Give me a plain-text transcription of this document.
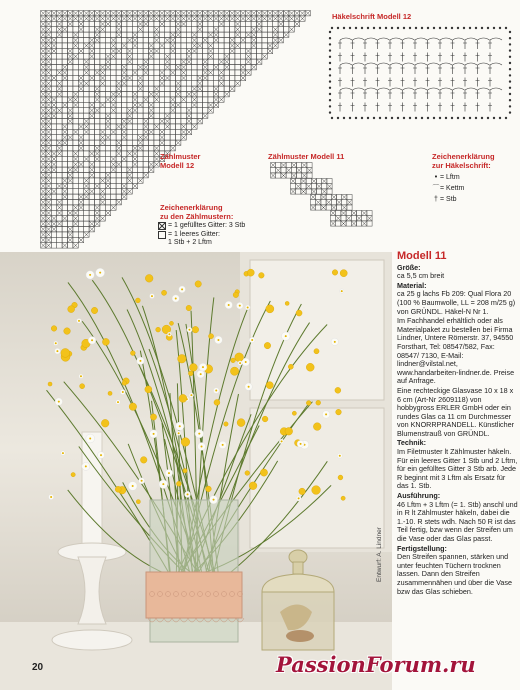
Zählmuster
Modell 12
Häkelschrift Modell 12
Zählmuster Modell 11
Zeichenerklärung
zu den Zählmustern:
= 1 gefülltes Gitter: 3 Stb
= 1 leeres Gitter:
1 Stb + 2 Lftm
Zeichenerklärung
zur Häkelschrift:
• = Lftm
⌒= Kettm
† = Stb
Entwurf: A. Lindner
Modell 11

Größe:
ca 5,5 cm breit

Material:
ca 25 g lachs Fb 209: Qual Flora 20 (100 % Baumwolle, LL = 208 m/25 g) von GRÜNDL. Häkel-N Nr 1.

Im Fachhandel erhältlich oder als Materialpaket zu bestellen bei Firma Lindner, Untere Römerstr. 37, 94550 Forsthart, Tel: 08547/582, Fax: 08547/ 7130, E-Mail: lindner@vilstal.net, www.handarbeiten-lindner.de. Preise auf Anfrage.

Eine rechteckige Glasvase 10 x 18 x 6 cm (Art-Nr 2609118) von hobbygross ERLER GmbH oder ein rundes Glas ca 11 cm Durchmesser von KNORRPRANDELL. Künstlicher Blumenstrauß von GRÜNDL.

Technik:
Im Filetmuster lt Zählmuster häkeln. Für ein leeres Gitter 1 Stb und 2 Lftm, für ein gefülltes Gitter 3 Stb arb. Jede R beginnt mit 3 Lftm als Ersatz für das 1. Stb.

Ausführung:
46 Lftm + 3 Lftm (= 1. Stb) anschl und in R lt Zählmuster häkeln, dabei die 1.-10. R stets wdh. Nach 50 R ist das Teil fertig, bzw wenn der Streifen um die Vase oder das Glas passt.

Fertigstellung:
Den Streifen spannen, stärken und unter feuchten Tüchern trocknen lassen. Dann den Streifen zusammennähen und über die Vase bzw das Glas schieben.

20	PassionForum.ru
